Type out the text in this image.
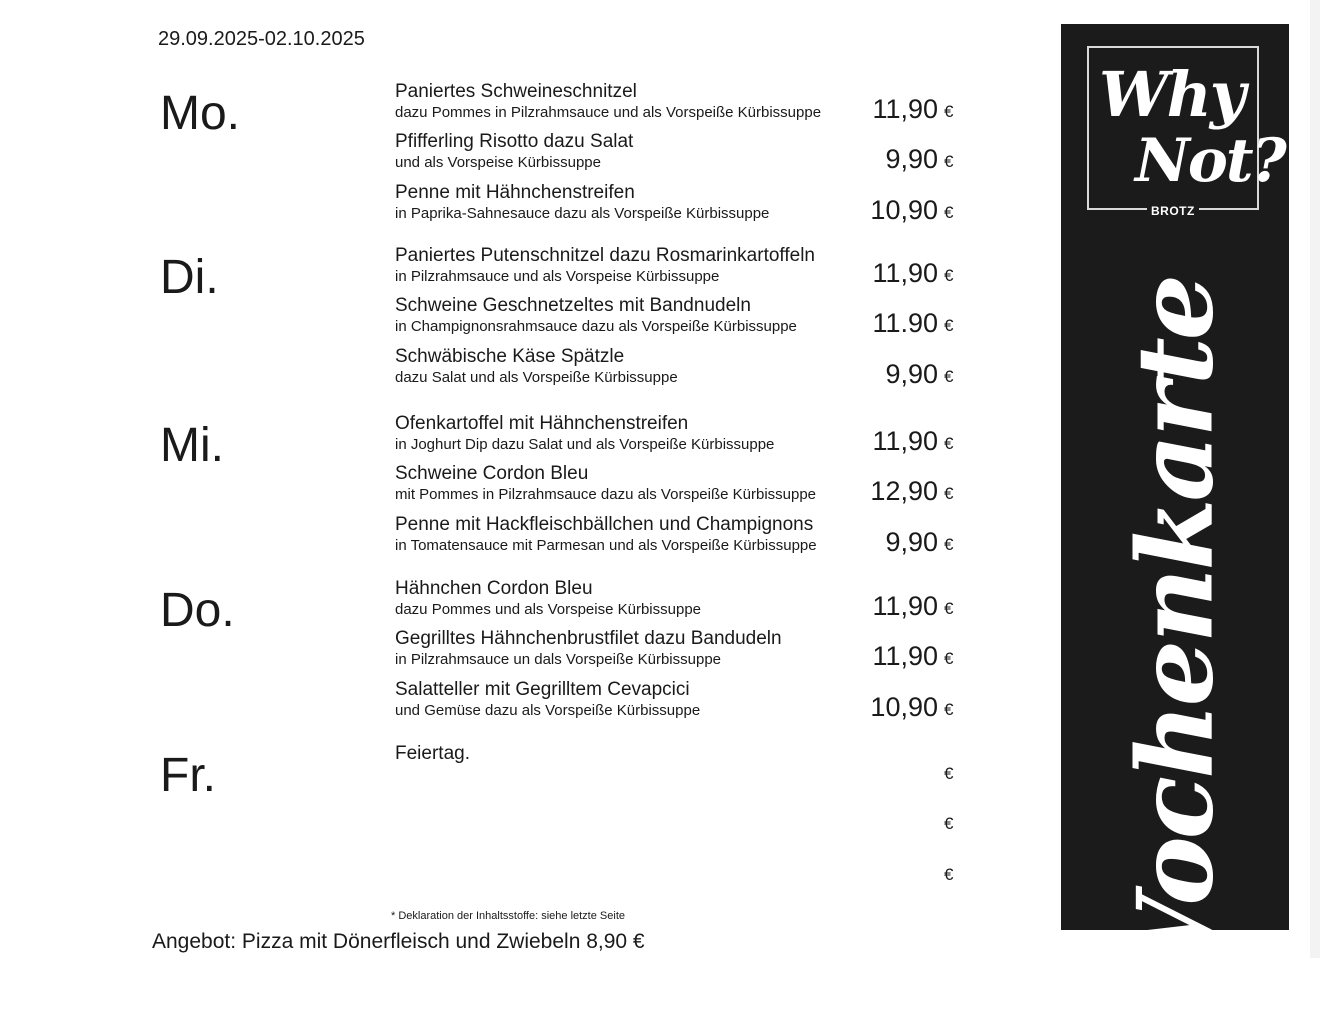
29.09.2025-02.10.2025
Mo.	Paniertes Schweineschnitzel
dazu Pommes in Pilzrahmsauce und als Vorspeiße Kürbissuppe	11,90 €
Pfifferling Risotto dazu Salat
und als Vorspeise Kürbissuppe	9,90 €
Penne mit Hähnchenstreifen
in Paprika-Sahnesauce dazu als Vorspeiße Kürbissuppe	10,90 €
Di.	Paniertes Putenschnitzel dazu Rosmarinkartoffeln
in Pilzrahmsauce und als Vorspeise Kürbissuppe	11,90 €
Schweine Geschnetzeltes mit Bandnudeln
in Champignonsrahmsauce dazu als Vorspeiße Kürbissuppe	11.90 €
Schwäbische Käse Spätzle
dazu Salat und als Vorspeiße Kürbissuppe	9,90 €
Mi.	Ofenkartoffel mit Hähnchenstreifen
in Joghurt Dip dazu Salat und als Vorspeiße Kürbissuppe	11,90 €
Schweine Cordon Bleu
mit Pommes in Pilzrahmsauce dazu als Vorspeiße Kürbissuppe	12,90 €
Penne mit Hackfleischbällchen und Champignons
in Tomatensauce mit Parmesan und als Vorspeiße Kürbissuppe	9,90 €
Do.	Hähnchen Cordon Bleu
dazu Pommes und als Vorspeise Kürbissuppe	11,90 €
Gegrilltes Hähnchenbrustfilet dazu Bandudeln
in Pilzrahmsauce un dals Vorspeiße Kürbissuppe	11,90 €
Salatteller mit Gegrilltem Cevapcici
und Gemüse dazu als Vorspeiße Kürbissuppe	10,90 €
Fr.	Feiertag.
€
€
€
* Deklaration der Inhaltsstoffe: siehe letzte Seite
Angebot: Pizza mit Dönerfleisch und Zwiebeln 8,90 €
Why
Not?
BROTZ
Wochenkarte
